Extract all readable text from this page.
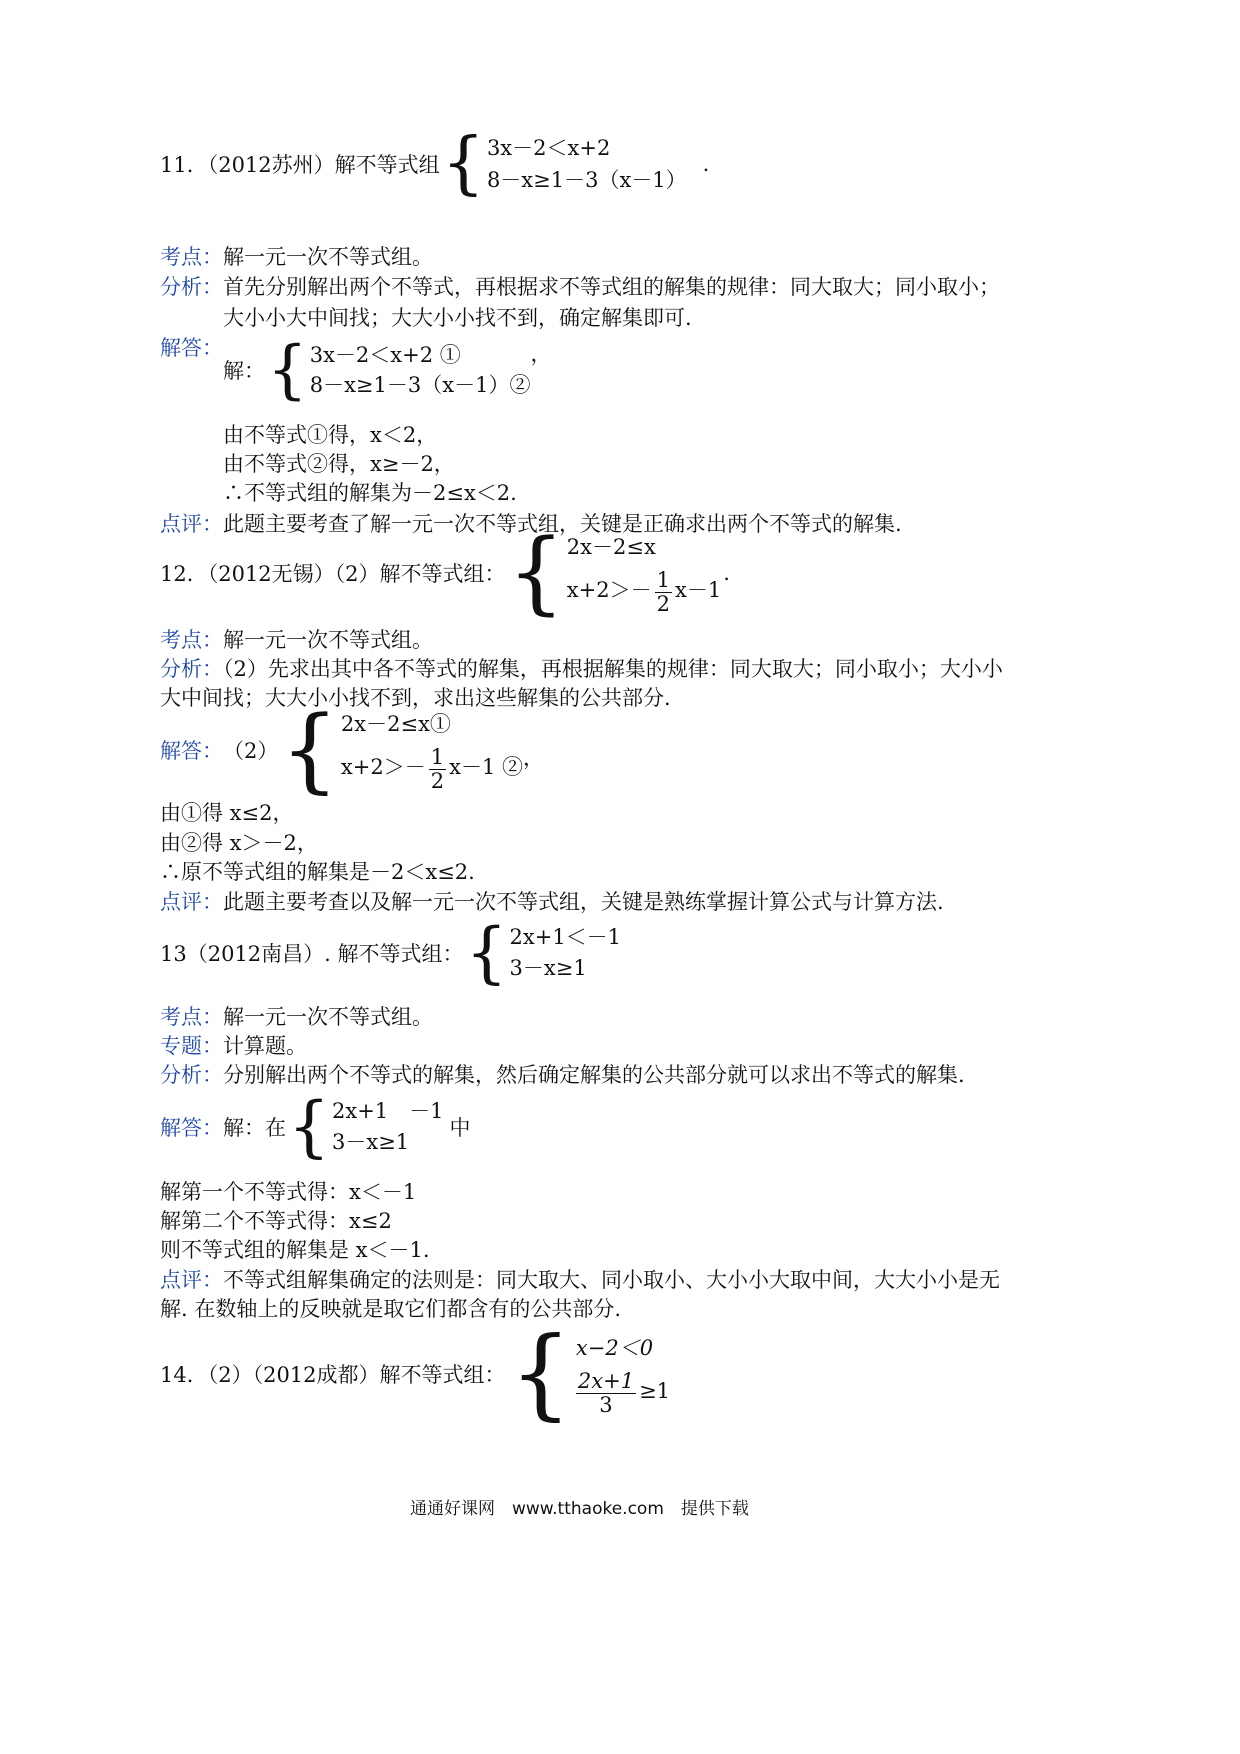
11．（2012苏州）解不等式组 { 3x－2＜x+2
8－x≥1－3（x－1）
.
考点：解一元一次不等式组。
分析：首先分别解出两个不等式，再根据求不等式组的解集的规律：同大取大；同小取小；
大小小大中间找；大大小小找不到，确定解集即可.
解答：
解： { 3x－2＜x+2 ①
8－x≥1－3（x－1）②
，
由不等式①得，x＜2，
由不等式②得，x≥－2，
∴不等式组的解集为－2≤x＜2.
点评：此题主要考查了解一元一次不等式组，关键是正确求出两个不等式的解集.
12．（2012无锡）（2）解不等式组： { 2x－2≤x
$x+2>- \frac{1}{2} x-1$
.
考点：解一元一次不等式组。
分析：（2）先求出其中各不等式的解集，再根据解集的规律：同大取大；同小取小；大小小
大中间找；大大小小找不到，求出这些解集的公共部分.
解答： （2） { 2x－2≤x①
$x+2>- \frac{1}{2} x-1$ ② ，
由①得 x≤2，
由②得 x＞－2，
∴原不等式组的解集是－2＜x≤2.
点评：此题主要考查以及解一元一次不等式组，关键是熟练掌握计算公式与计算方法.
13（2012南昌）. 解不等式组： { 2x+1＜－1
3－x≥1
考点：解一元一次不等式组。
专题：计算题。
分析：分别解出两个不等式的解集，然后确定解集的公共部分就可以求出不等式的解集.
解答： 解：在 { 2x+1　－1
3－x≥1
中
解第一个不等式得：x＜－1
解第二个不等式得：x≤2
则不等式组的解集是 x＜－1.
点评：不等式组解集确定的法则是：同大取大、同小取小、大小小大取中间，大大小小是无
解. 在数轴上的反映就是取它们都含有的公共部分.
14．（2）（2012成都）解不等式组： { x−2＜0
$\frac{2x+1}{3} \ge 1$
通通好课网　www.tthaoke.com　提供下载
